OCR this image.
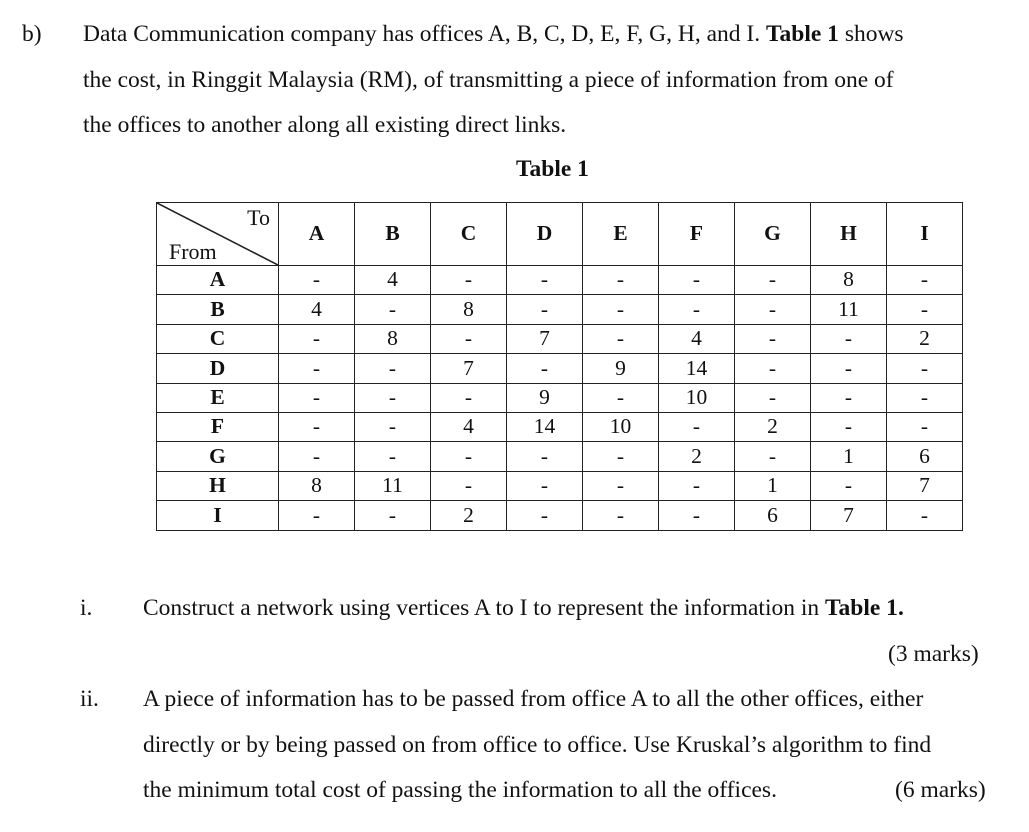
b) Data Communication company has offices A, B, C, D, E, F, G, H, and I. Table 1 shows
the cost, in Ringgit Malaysia (RM), of transmitting a piece of information from one of
the offices to another along all existing direct links.
Table 1
To
From	A	B	C	D	E	F	G	H	I
A	-	4	-	-	-	-	-	8	-
B	4	-	8	-	-	-	-	11	-
C	-	8	-	7	-	4	-	-	2
D	-	-	7	-	9	14	-	-	-
E	-	-	-	9	-	10	-	-	-
F	-	-	4	14	10	-	2	-	-
G	-	-	-	-	-	2	-	1	6
H	8	11	-	-	-	-	1	-	7
I	-	-	2	-	-	-	6	7	-
i. Construct a network using vertices A to I to represent the information in Table 1.
(3 marks)
ii. A piece of information has to be passed from office A to all the other offices, either
directly or by being passed on from office to office. Use Kruskal’s algorithm to find
the minimum total cost of passing the information to all the offices.	(6 marks)
